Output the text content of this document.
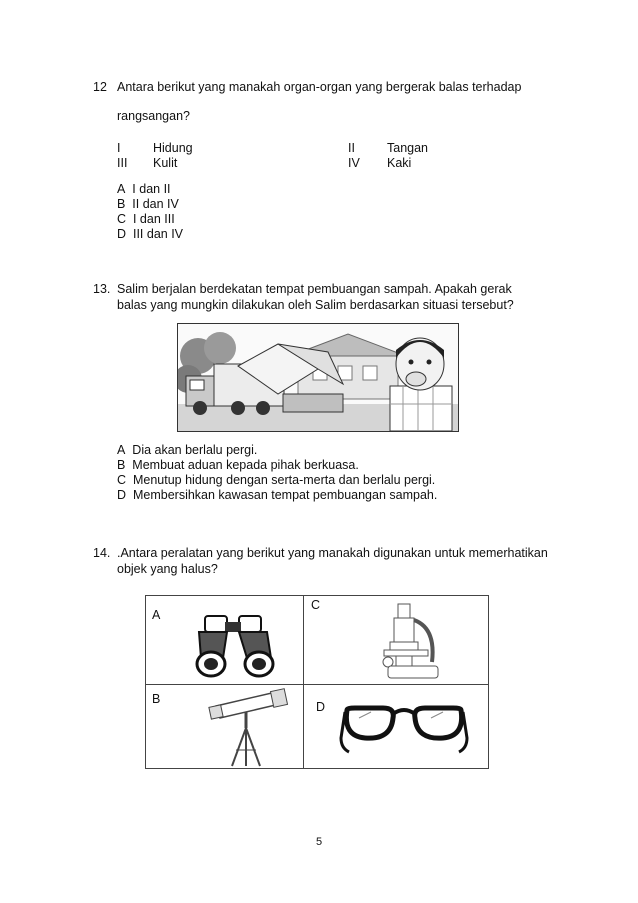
12 Antara berikut yang manakah organ-organ yang bergerak balas terhadap
rangsangan?
I	Hidung	II	Tangan
III Kulit	IV Kaki
A I dan II
B II dan IV
C I dan III
D III dan IV
13. Salim berjalan berdekatan tempat pembuangan sampah. Apakah gerak
balas yang mungkin dilakukan oleh Salim berdasarkan situasi tersebut?
A Dia akan berlalu pergi.
B Membuat aduan kepada pihak berkuasa.
C Menutup hidung dengan serta-merta dan berlalu pergi.
D Membersihkan kawasan tempat pembuangan sampah.
14. .Antara peralatan yang berikut yang manakah digunakan untuk memerhatikan
objek yang halus?
A
C
B
D
5
